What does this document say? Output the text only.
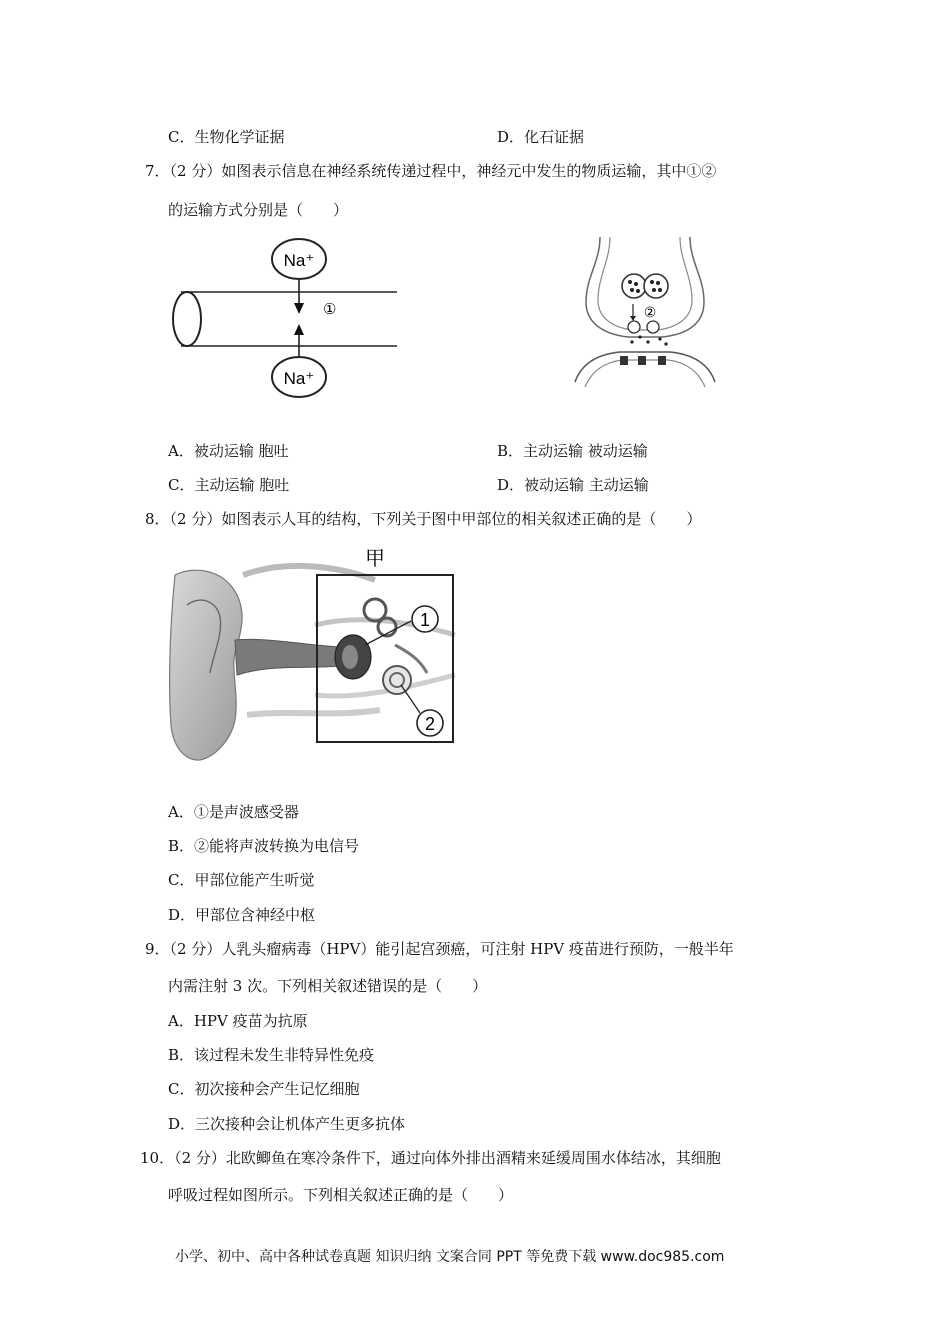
C．生物化学证据	D．化石证据
7．（2 分）如图表示信息在神经系统传递过程中，神经元中发生的物质运输，其中①②
的运输方式分别是（　　）
Na⁺
①
Na⁺
②
A．被动运输 胞吐	B．主动运输 被动运输
C．主动运输 胞吐	D．被动运输 主动运输
8．（2 分）如图表示人耳的结构，下列关于图中甲部位的相关叙述正确的是（　　）
甲
1
2
A．①是声波感受器
B．②能将声波转换为电信号
C．甲部位能产生听觉
D．甲部位含神经中枢
9．（2 分）人乳头瘤病毒（HPV）能引起宫颈癌，可注射 HPV 疫苗进行预防，一般半年
内需注射 3 次。下列相关叙述错误的是（　　）
A．HPV 疫苗为抗原
B．该过程未发生非特异性免疫
C．初次接种会产生记忆细胞
D．三次接种会让机体产生更多抗体
10．（2 分）北欧鲫鱼在寒冷条件下，通过向体外排出酒精来延缓周围水体结冰，其细胞
呼吸过程如图所示。下列相关叙述正确的是（　　）
小学、初中、高中各种试卷真题 知识归纳 文案合同 PPT 等免费下载 www.doc985.com
